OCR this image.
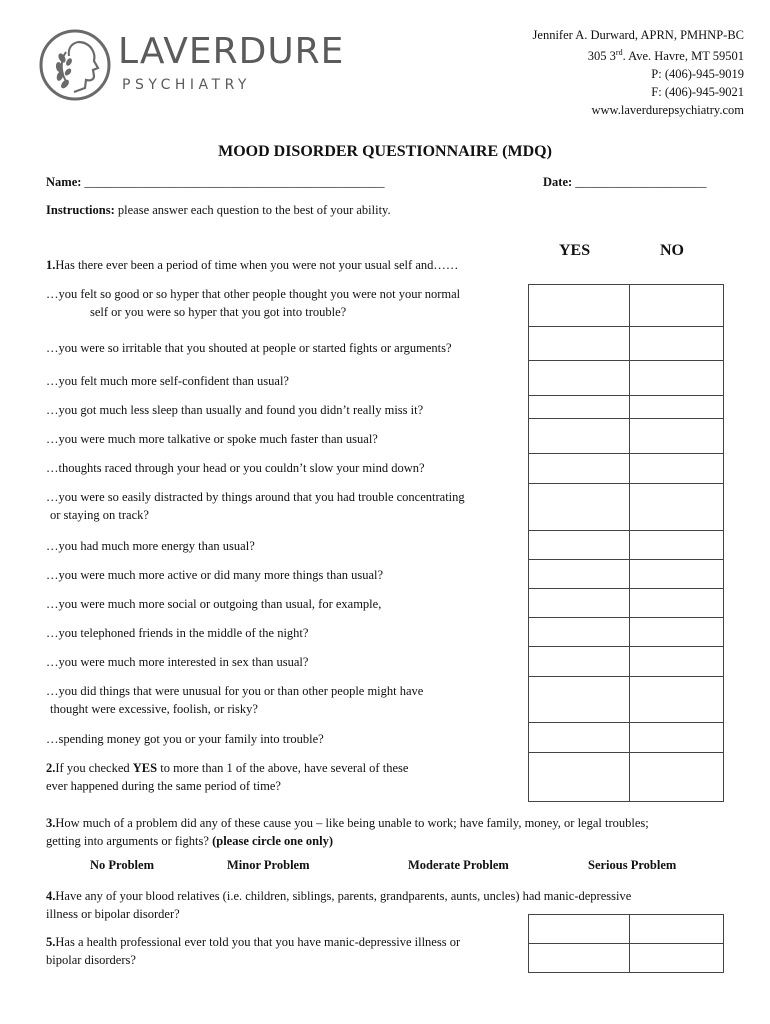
LAVERDURE
PSYCHIATRY
Jennifer A. Durward, APRN, PMHNP-BC
305 3rd. Ave. Havre, MT 59501
P: (406)-945-9019
F: (406)-945-9021
www.laverdurepsychiatry.com
MOOD DISORDER QUESTIONNAIRE (MDQ)
Name: ________________________________________________	Date: _____________________
Instructions: please answer each question to the best of your ability.
YES	NO
1.Has there ever been a period of time when you were not your usual self and……
…you felt so good or so hyper that other people thought you were not your normal
self or you were so hyper that you got into trouble?
…you were so irritable that you shouted at people or started fights or arguments?
…you felt much more self-confident than usual?
…you got much less sleep than usually and found you didn’t really miss it?
…you were much more talkative or spoke much faster than usual?
…thoughts raced through your head or you couldn’t slow your mind down?
…you were so easily distracted by things around that you had trouble concentrating
or staying on track?
…you had much more energy than usual?
…you were much more active or did many more things than usual?
…you were much more social or outgoing than usual, for example,
…you telephoned friends in the middle of the night?
…you were much more interested in sex than usual?
…you did things that were unusual for you or than other people might have
thought were excessive, foolish, or risky?
…spending money got you or your family into trouble?
2.If you checked YES to more than 1 of the above, have several of these
ever happened during the same period of time?
3.How much of a problem did any of these cause you – like being unable to work; have family, money, or legal troubles;
getting into arguments or fights? (please circle one only)
No Problem	Minor Problem	Moderate Problem	Serious Problem
4.Have any of your blood relatives (i.e. children, siblings, parents, grandparents, aunts, uncles) had manic-depressive
illness or bipolar disorder?
5.Has a health professional ever told you that you have manic-depressive illness or
bipolar disorders?
